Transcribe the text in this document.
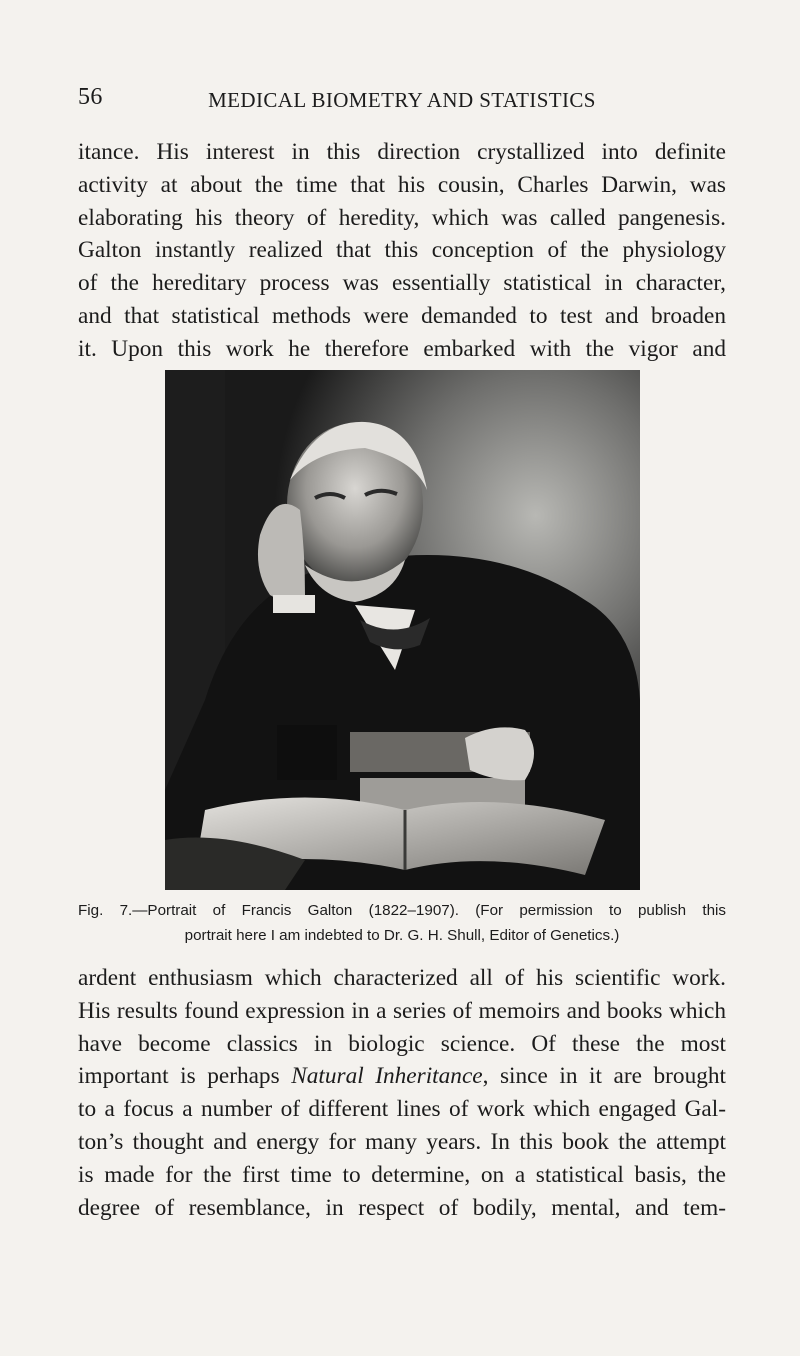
56	MEDICAL BIOMETRY AND STATISTICS
itance. His interest in this direction crystallized into definite
activity at about the time that his cousin, Charles Darwin, was
elaborating his theory of heredity, which was called pangenesis.
Galton instantly realized that this conception of the physiology
of the hereditary process was essentially statistical in character,
and that statistical methods were demanded to test and broaden
it. Upon this work he therefore embarked with the vigor and
Fig. 7.—Portrait of Francis Galton (1822–1907). (For permission to publish this
portrait here I am indebted to Dr. G. H. Shull, Editor of Genetics.)
ardent enthusiasm which characterized all of his scientific work.
His results found expression in a series of memoirs and books which
have become classics in biologic science. Of these the most
important is perhaps Natural Inheritance, since in it are brought
to a focus a number of different lines of work which engaged Gal-
ton’s thought and energy for many years. In this book the attempt
is made for the first time to determine, on a statistical basis, the
degree of resemblance, in respect of bodily, mental, and tem-
